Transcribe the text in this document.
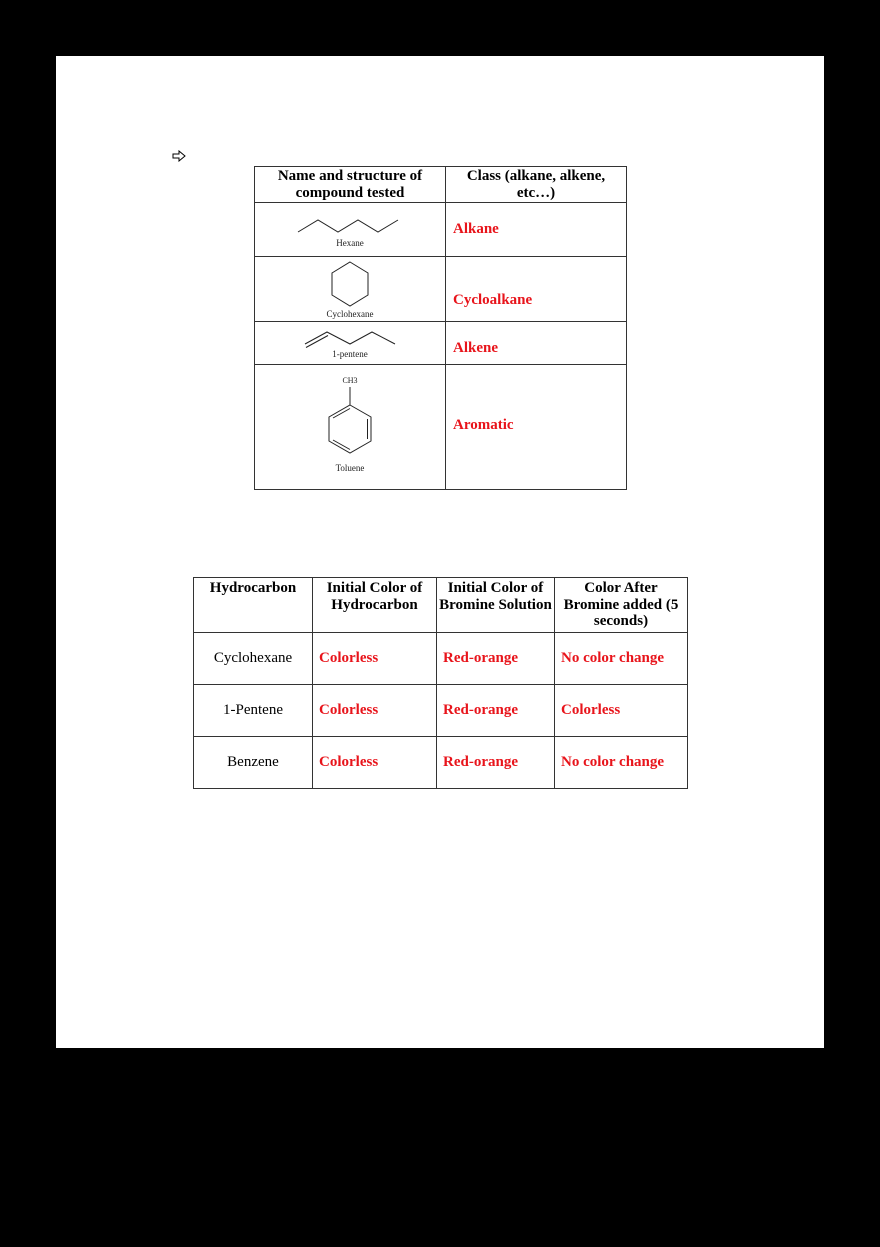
Name and structure of compound tested	Class (alkane, alkene, etc…)

Hexane	Alkane

Cyclohexane	Cycloalkane

1-pentene	Alkene

CH3
Toluene	Aromatic
Hydrocarbon	Initial Color of Hydrocarbon	Initial Color of Bromine Solution	Color After Bromine added (5 seconds)
Cyclohexane	Colorless	Red-orange	No color change
1-Pentene	Colorless	Red-orange	Colorless
Benzene	Colorless	Red-orange	No color change
